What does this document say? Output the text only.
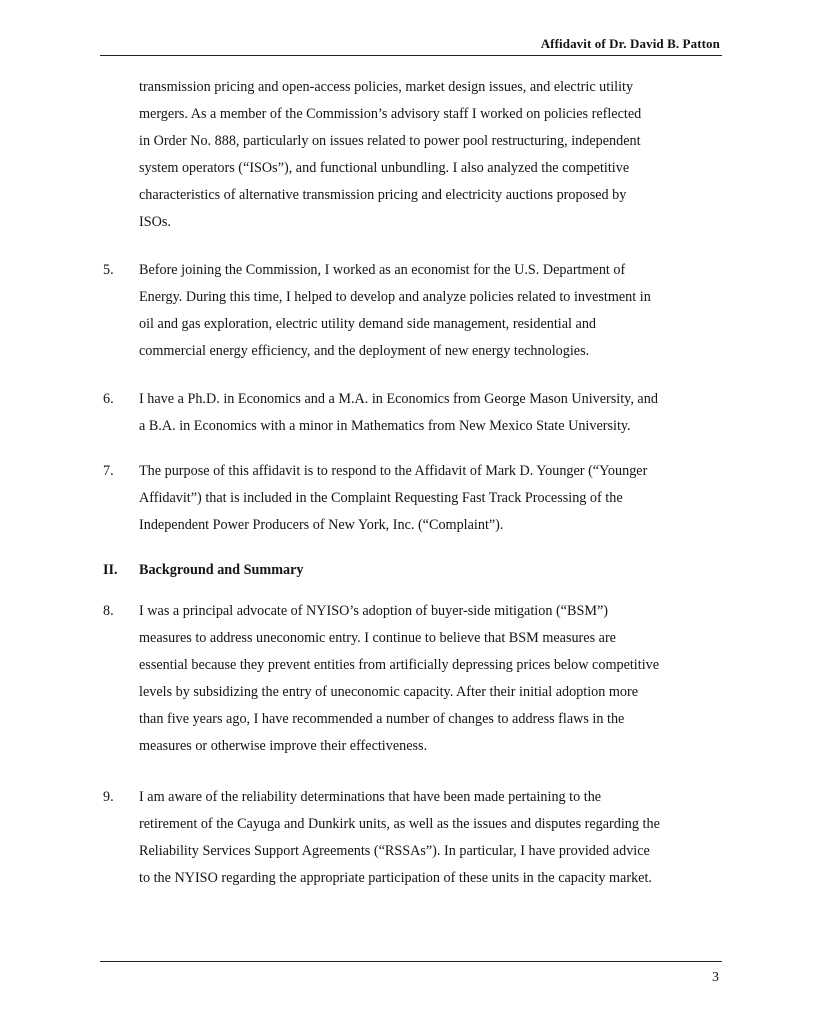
Affidavit of Dr. David B. Patton
transmission pricing and open-access policies, market design issues, and electric utility
mergers. As a member of the Commission’s advisory staff I worked on policies reflected
in Order No. 888, particularly on issues related to power pool restructuring, independent
system operators (“ISOs”), and functional unbundling. I also analyzed the competitive
characteristics of alternative transmission pricing and electricity auctions proposed by
ISOs.
5. Before joining the Commission, I worked as an economist for the U.S. Department of
Energy. During this time, I helped to develop and analyze policies related to investment in
oil and gas exploration, electric utility demand side management, residential and
commercial energy efficiency, and the deployment of new energy technologies.
6. I have a Ph.D. in Economics and a M.A. in Economics from George Mason University, and
a B.A. in Economics with a minor in Mathematics from New Mexico State University.
7. The purpose of this affidavit is to respond to the Affidavit of Mark D. Younger (“Younger
Affidavit”) that is included in the Complaint Requesting Fast Track Processing of the
Independent Power Producers of New York, Inc. (“Complaint”).
II. Background and Summary
8. I was a principal advocate of NYISO’s adoption of buyer-side mitigation (“BSM”)
measures to address uneconomic entry. I continue to believe that BSM measures are
essential because they prevent entities from artificially depressing prices below competitive
levels by subsidizing the entry of uneconomic capacity. After their initial adoption more
than five years ago, I have recommended a number of changes to address flaws in the
measures or otherwise improve their effectiveness.
9. I am aware of the reliability determinations that have been made pertaining to the
retirement of the Cayuga and Dunkirk units, as well as the issues and disputes regarding the
Reliability Services Support Agreements (“RSSAs”). In particular, I have provided advice
to the NYISO regarding the appropriate participation of these units in the capacity market.
3
